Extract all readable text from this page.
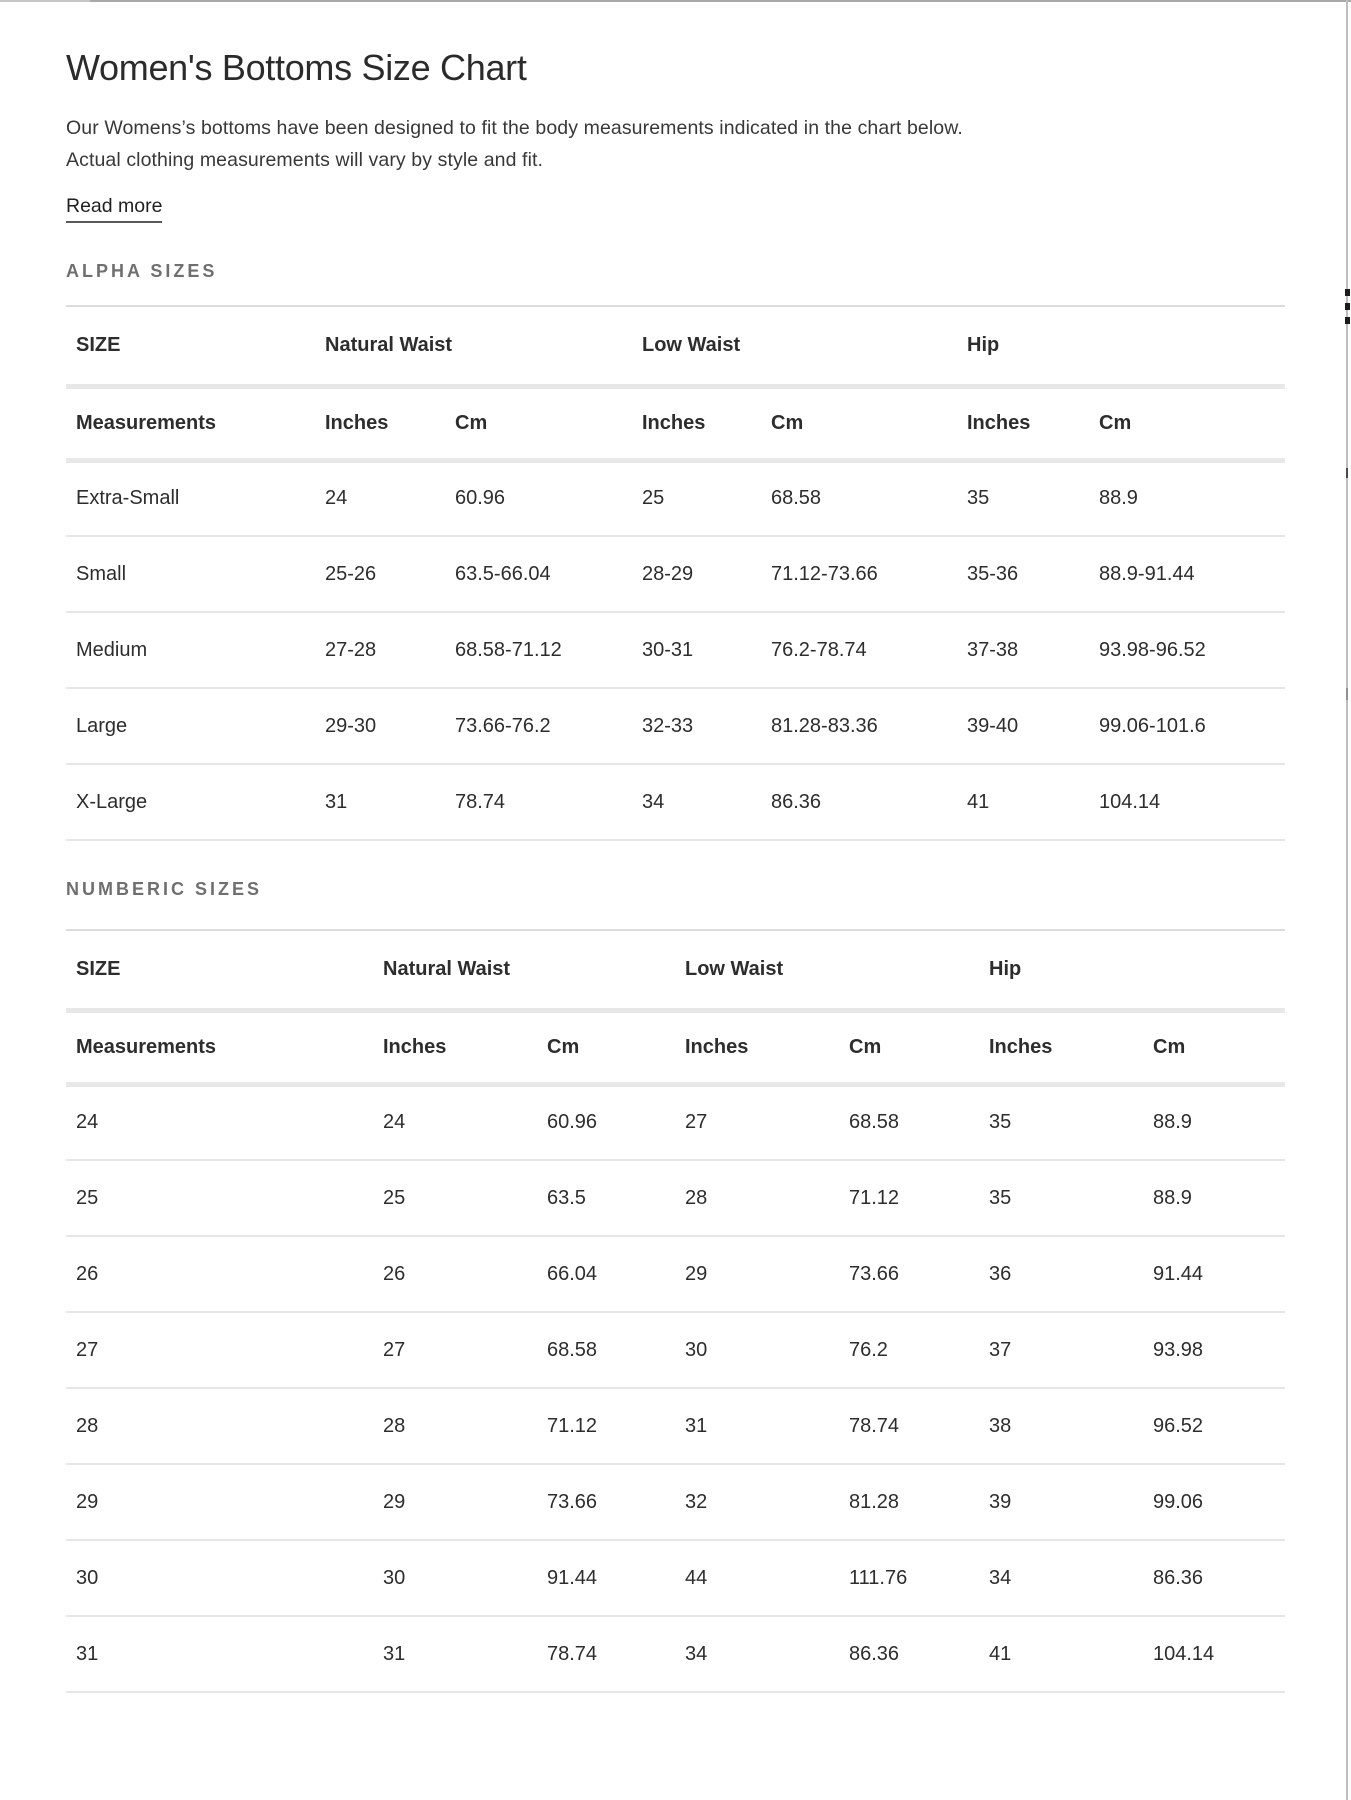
Women's Bottoms Size Chart

Our Womens’s bottoms have been designed to fit the body measurements indicated in the chart below.
Actual clothing measurements will vary by style and fit.

Read more
ALPHA SIZES
SIZE	Natural Waist		Low Waist		Hip	
Measurements	Inches	Cm	Inches	Cm	Inches	Cm
Extra-Small	24	60.96	25	68.58	35	88.9
Small	25-26	63.5-66.04	28-29	71.12-73.66	35-36	88.9-91.44
Medium	27-28	68.58-71.12	30-31	76.2-78.74	37-38	93.98-96.52
Large	29-30	73.66-76.2	32-33	81.28-83.36	39-40	99.06-101.6
X-Large	31	78.74	34	86.36	41	104.14
NUMBERIC SIZES
SIZE	Natural Waist		Low Waist		Hip	
Measurements	Inches	Cm	Inches	Cm	Inches	Cm
24	24	60.96	27	68.58	35	88.9
25	25	63.5	28	71.12	35	88.9
26	26	66.04	29	73.66	36	91.44
27	27	68.58	30	76.2	37	93.98
28	28	71.12	31	78.74	38	96.52
29	29	73.66	32	81.28	39	99.06
30	30	91.44	44	111.76	34	86.36
31	31	78.74	34	86.36	41	104.14
